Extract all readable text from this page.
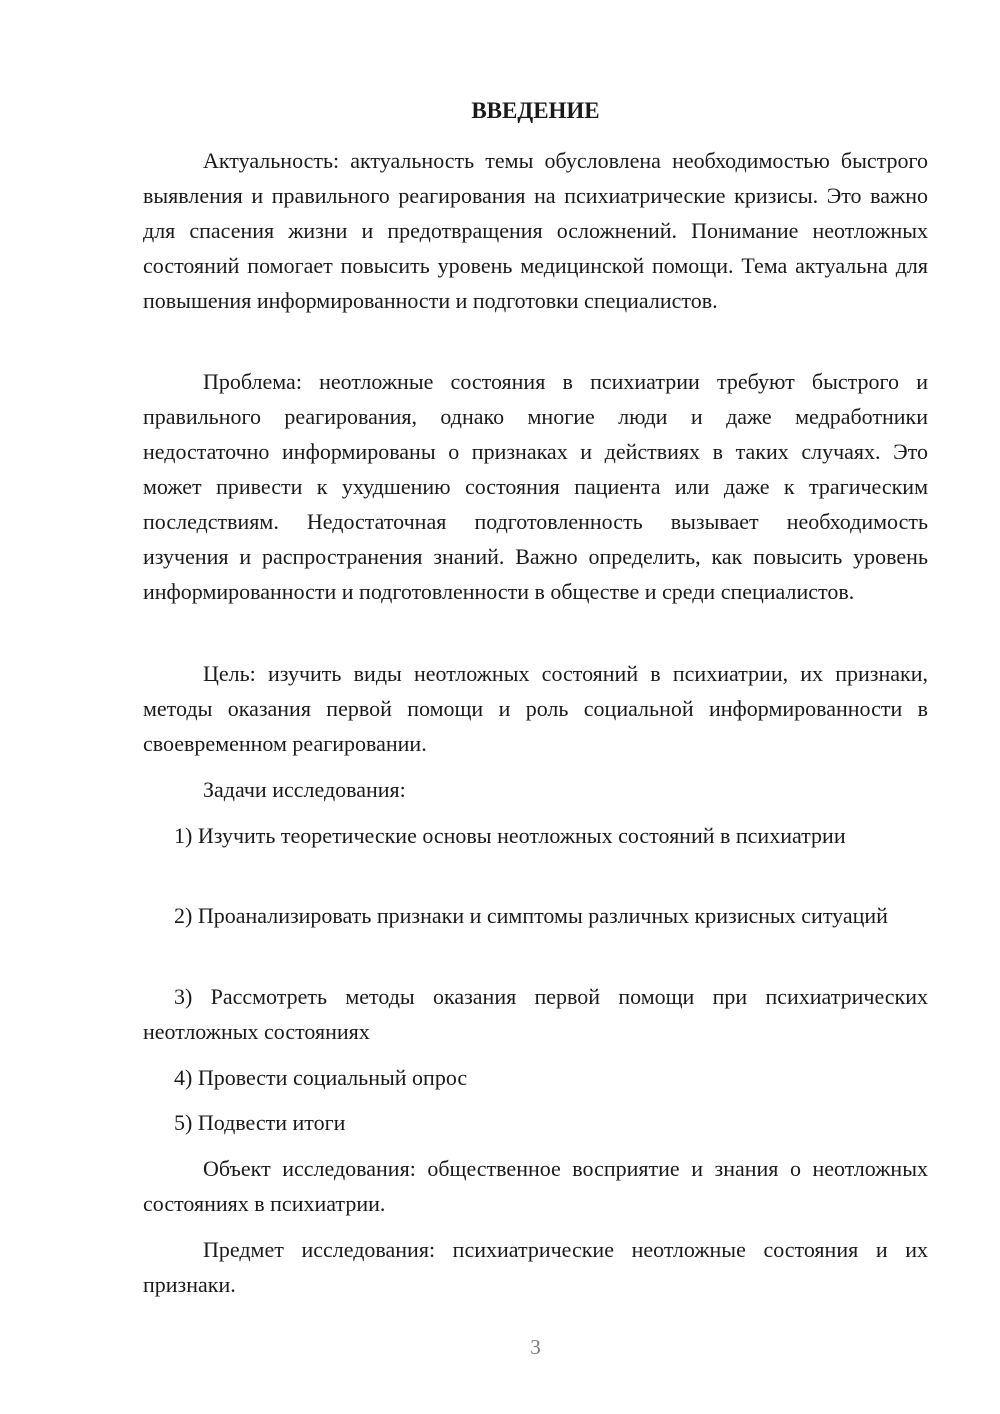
ВВЕДЕНИЕ

Актуальность: актуальность темы обусловлена необходимостью быстрого выявления и правильного реагирования на психиатрические кризисы. Это важно для спасения жизни и предотвращения осложнений. Понимание неотложных состояний помогает повысить уровень медицинской помощи. Тема актуальна для повышения информированности и подготовки специалистов.

Проблема: неотложные состояния в психиатрии требуют быстрого и правильного реагирования, однако многие люди и даже медработники недостаточно информированы о признаках и действиях в таких случаях. Это может привести к ухудшению состояния пациента или даже к трагическим последствиям. Недостаточная подготовленность вызывает необходимость изучения и распространения знаний. Важно определить, как повысить уровень информированности и подготовленности в обществе и среди специалистов.

Цель: изучить виды неотложных состояний в психиатрии, их признаки, методы оказания первой помощи и роль социальной информированности в своевременном реагировании.

Задачи исследования:

1) Изучить теоретические основы неотложных состояний в психиатрии

2) Проанализировать признаки и симптомы различных кризисных ситуаций

3) Рассмотреть методы оказания первой помощи при психиатрических неотложных состояниях

4) Провести социальный опрос

5) Подвести итоги

Объект исследования: общественное восприятие и знания о неотложных состояниях в психиатрии.

Предмет исследования: психиатрические неотложные состояния и их признаки.

3
